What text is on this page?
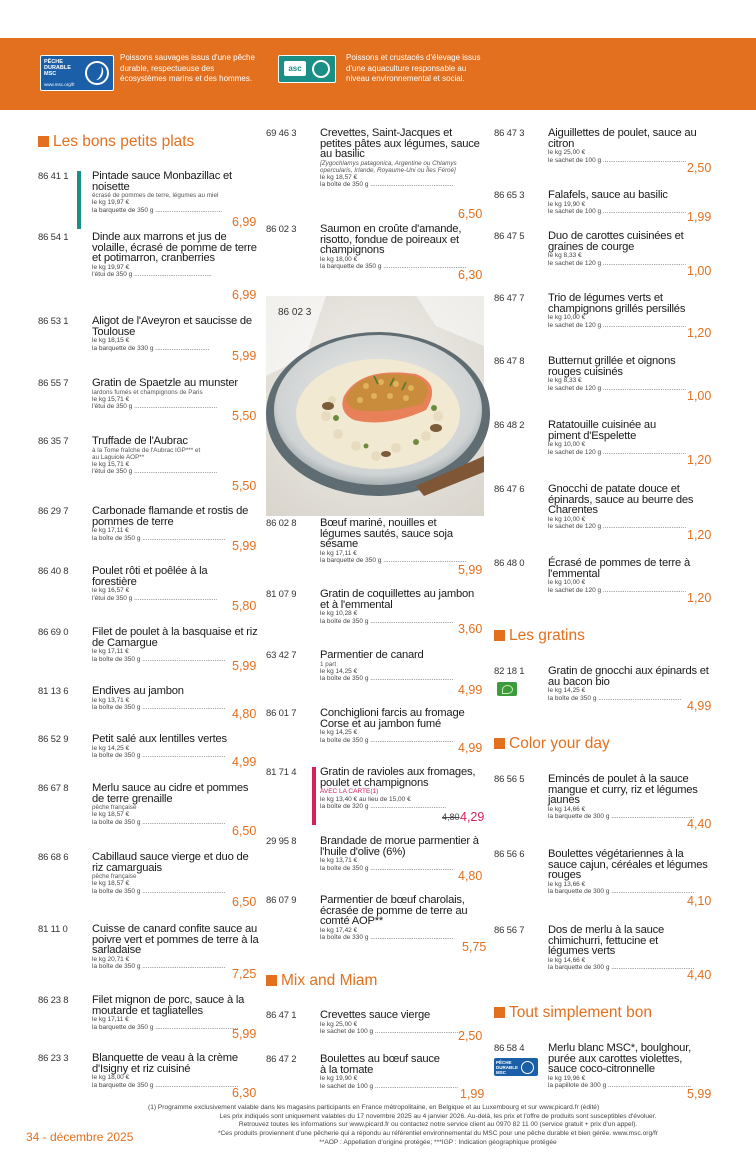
PÊCHE DURABLE MSC
www.msc.org/fr
Poissons sauvages issus d'une pêche durable, respectueuse des écosystèmes marins et des hommes.
asc
Poissons et crustacés d'élevage issus d'une aquaculture responsable au niveau environnemental et social.
Les bons petits plats
Mix and Miam
Les gratins
Color your day
Tout simplement bon
86 02 3
86 41 1 Pintade sauce Monbazillac et noisette
écrasé de pommes de terre, légumes au miel
le kg 19,97 €
la barquette de 350 g .....................................
6,99
86 54 1 Dinde aux marrons et jus de volaille, écrasé de pomme de terre et potimarron, cranberries
le kg 19,97 €
l'étui de 350 g ...........................................
6,99
86 53 1 Aligot de l'Aveyron et saucisse de Toulouse
le kg 18,15 €
la barquette de 330 g ..............................
5,99
86 55 7 Gratin de Spaetzle au munster
lardons fumés et champignons de Paris
le kg 15,71 €
l'étui de 350 g ..............................................
5,50
86 35 7 Truffade de l'Aubrac
à la Tome fraîche de l'Aubrac IGP*** et au Laguiole AOP**
le kg 15,71 €
l'étui de 350 g ..............................................
5,50
86 29 7 Carbonade flamande et rostis de pommes de terre
le kg 17,11 €
la boîte de 350 g ..............................................
5,99
86 40 8 Poulet rôti et poêlée à la forestière
le kg 16,57 €
l'étui de 350 g ..............................................
5,80
86 69 0 Filet de poulet à la basquaise et riz de Camargue
le kg 17,11 €
la boîte de 350 g .............................................. 5,99
81 13 6 Endives au jambon
le kg 13,71 €
la boîte de 350 g .............................................. 4,80
86 52 9 Petit salé aux lentilles vertes
le kg 14,25 €
la boîte de 350 g .............................................. 4,99
86 67 8 Merlu sauce au cidre et pommes de terre grenaille
pêche française
le kg 18,57 €
la boîte de 350 g ..............................................
6,50
86 68 6 Cabillaud sauce vierge et duo de riz camarguais
pêche française
le kg 18,57 €
la boîte de 350 g ..............................................
6,50
81 11 0 Cuisse de canard confite sauce au poivre vert et pommes de terre à la sarladaise
le kg 20,71 €
la boîte de 350 g ..............................................
7,25
86 23 8 Filet mignon de porc, sauce à la moutarde et tagliatelles
le kg 17,11 €
la barquette de 350 g ..............................................
5,99
86 23 3 Blanquette de veau à la crème d'Isigny et riz cuisiné
le kg 18,00 €
la barquette de 350 g ..............................................
6,30
69 46 3 Crevettes, Saint-Jacques et petites pâtes aux légumes, sauce au basilic
[Zygochlamys patagonica, Argentine ou Chlamys opercularis, Irlande, Royaume-Uni ou Îles Féroé]
le kg 18,57 €
la boîte de 350 g ..............................................
6,50
86 02 3 Saumon en croûte d'amande, risotto, fondue de poireaux et champignons
le kg 18,00 €
la barquette de 350 g ..............................................
6,30
86 02 8 Bœuf mariné, nouilles et légumes sautés, sauce soja sésame
le kg 17,11 €
la barquette de 350 g ..............................................
5,99
81 07 9 Gratin de coquillettes au jambon et à l'emmental
le kg 10,28 €
la boîte de 350 g ..............................................
3,60
63 42 7 Parmentier de canard
1 part
le kg 14,25 €
la boîte de 350 g ..............................................
4,99
86 01 7 Conchiglioni farcis au fromage Corse et au jambon fumé
le kg 14,25 €
la boîte de 350 g ..............................................
4,99
81 71 4 Gratin de ravioles aux fromages, poulet et champignons
AVEC LA CARTE(1)
le kg 13,40 € au lieu de 15,00 €
la boîte de 320 g ..........................................
4,80 4,29
29 95 8 Brandade de morue parmentier à l'huile d'olive (6%)
le kg 13,71 €
la boîte de 350 g ..............................................
4,80
86 07 9 Parmentier de bœuf charolais, écrasée de pomme de terre au comté AOP**
le kg 17,42 €
la boîte de 330 g ..............................................
5,75
86 47 1 Crevettes sauce vierge
le kg 25,00 €
le sachet de 100 g .............................................. 2,50
86 47 2 Boulettes au bœuf sauce à la tomate
le kg 19,90 €
le sachet de 100 g ..............................................
1,99
86 47 3 Aiguillettes de poulet, sauce au citron
le kg 25,00 €
le sachet de 100 g ..............................................
2,50
86 65 3 Falafels, sauce au basilic
le kg 19,90 €
le sachet de 100 g .............................................. 1,99
86 47 5 Duo de carottes cuisinées et graines de courge
le kg 8,33 €
le sachet de 120 g ..............................................
1,00
86 47 7 Trio de légumes verts et champignons grillés persillés
le kg 10,00 €
le sachet de 120 g ..............................................
1,20
86 47 8 Butternut grillée et oignons rouges cuisinés
le kg 8,33 €
le sachet de 120 g ..............................................
1,00
86 48 2 Ratatouille cuisinée au piment d'Espelette
le kg 10,00 €
le sachet de 120 g ..............................................
1,20
86 47 6 Gnocchi de patate douce et épinards, sauce au beurre des Charentes
le kg 10,00 €
le sachet de 120 g ..............................................
1,20
86 48 0 Écrasé de pommes de terre à l'emmental
le kg 10,00 €
le sachet de 120 g ..............................................
1,20
82 18 1 Gratin de gnocchi aux épinards et au bacon bio
le kg 14,25 €
la boîte de 350 g ..............................................
4,99
86 56 5 Emincés de poulet à la sauce mangue et curry, riz et légumes jaunes
le kg 14,66 €
la barquette de 300 g ..............................................
4,40
86 56 6 Boulettes végétariennes à la sauce cajun, céréales et légumes rouges
le kg 13,66 €
la barquette de 300 g ..............................................
4,10
86 56 7 Dos de merlu à la sauce chimichurri, fettucine et légumes verts
le kg 14,66 €
la barquette de 300 g ..............................................
4,40
86 58 4
PÊCHE DURABLE MSC
Merlu blanc MSC*, boulghour, purée aux carottes violettes, sauce coco-citronnelle
le kg 19,96 €
la papillote de 300 g ..............................................
5,99
(1) Programme exclusivement valable dans les magasins participants en France métropolitaine, en Belgique et au Luxembourg et sur www.picard.fr (édité)
Les prix indiqués sont uniquement valables du 17 novembre 2025 au 4 janvier 2026. Au-delà, les prix et l'offre de produits sont susceptibles d'évoluer.
Retrouvez toutes les informations sur www.picard.fr ou contactez notre service client au 0970 82 11 00 (service gratuit + prix d'un appel).
*Ces produits proviennent d'une pêcherie qui a répondu au référentiel environnemental du MSC pour une pêche durable et bien gérée. www.msc.org/fr
**AOP : Appellation d'origine protégée; ***IGP : Indication géographique protégée
34 - décembre 2025
